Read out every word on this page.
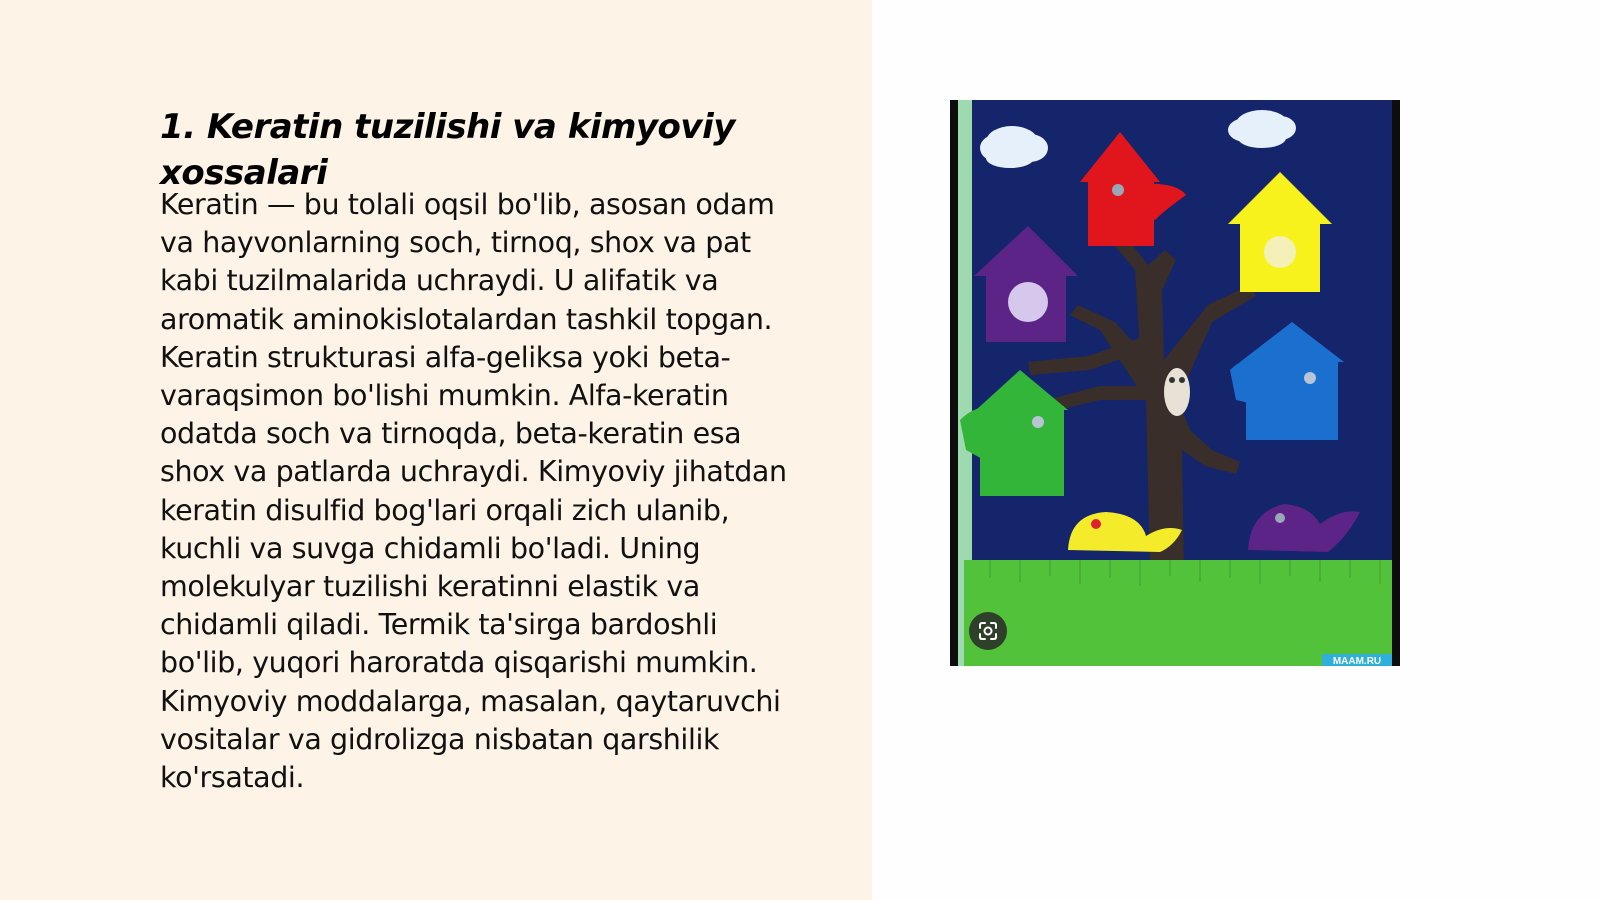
1. Keratin tuzilishi va kimyoviy xossalari

Keratin — bu tolali oqsil bo'lib, asosan odam
va hayvonlarning soch, tirnoq, shox va pat
kabi tuzilmalarida uchraydi. U alifatik va
aromatik aminokislotalardan tashkil topgan.
Keratin strukturasi alfa-geliksa yoki beta-
varaqsimon bo'lishi mumkin. Alfa-keratin
odatda soch va tirnoqda, beta-keratin esa
shox va patlarda uchraydi. Kimyoviy jihatdan
keratin disulfid bog'lari orqali zich ulanib,
kuchli va suvga chidamli bo'ladi. Uning
molekulyar tuzilishi keratinni elastik va
chidamli qiladi. Termik ta'sirga bardoshli
bo'lib, yuqori haroratda qisqarishi mumkin.
Kimyoviy moddalarga, masalan, qaytaruvchi
vositalar va gidrolizga nisbatan qarshilik
ko'rsatadi.

MAAM.RU
